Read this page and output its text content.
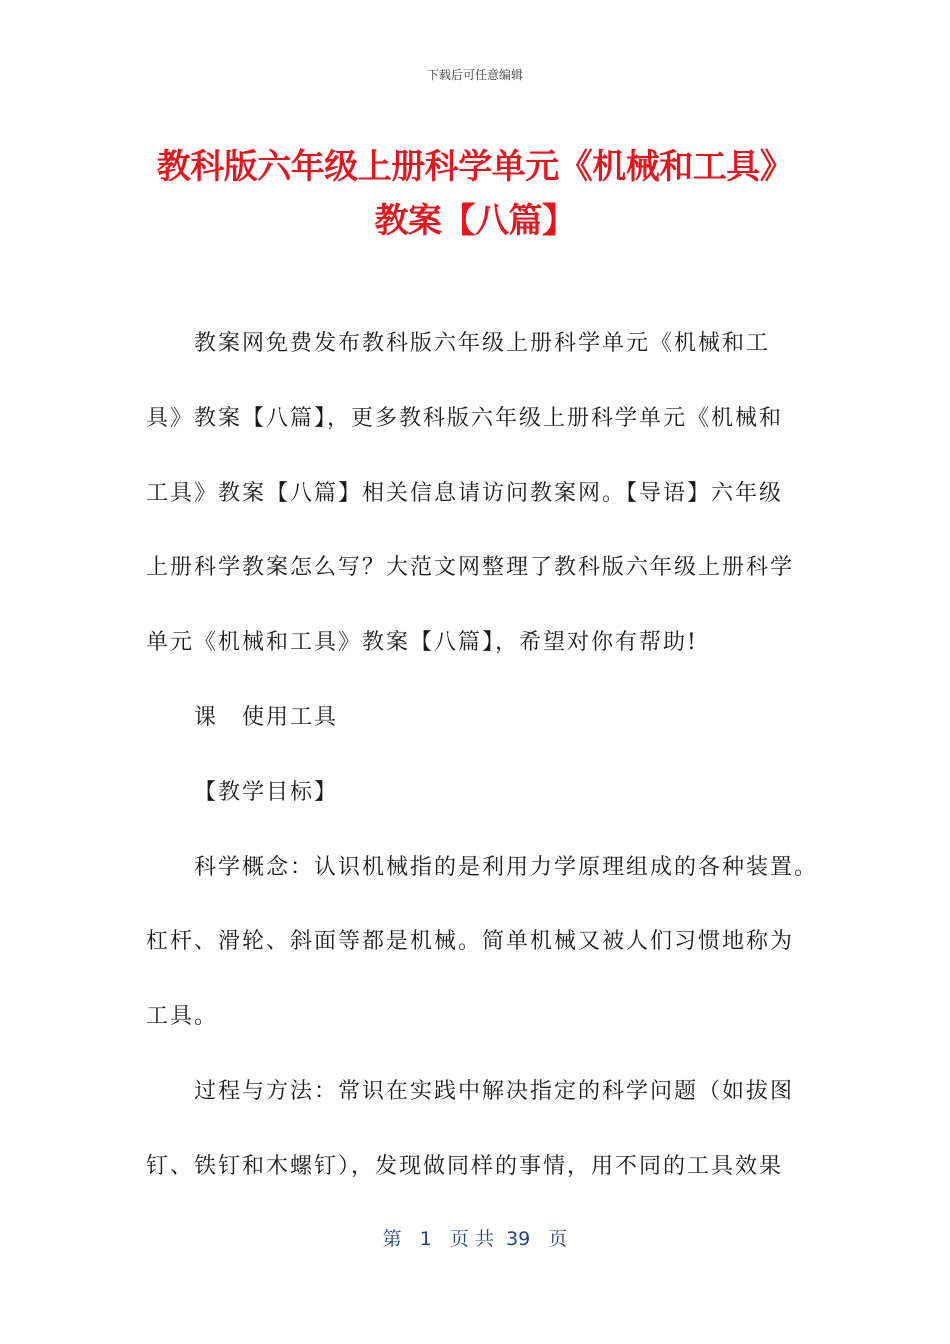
下载后可任意编辑
教科版六年级上册科学单元《机械和工具》
教案【八篇】
教案网免费发布教科版六年级上册科学单元《机械和工
具》教案【八篇】，更多教科版六年级上册科学单元《机械和
工具》教案【八篇】相关信息请访问教案网。【导语】六年级
上册科学教案怎么写？大范文网整理了教科版六年级上册科学
单元《机械和工具》教案【八篇】，希望对你有帮助!
课　使用工具
【教学目标】
科学概念：认识机械指的是利用力学原理组成的各种装置。
杠杆、滑轮、斜面等都是机械。简单机械又被人们习惯地称为
工具。
过程与方法：常识在实践中解决指定的科学问题（如拔图
钉、铁钉和木螺钉），发现做同样的事情，用不同的工具效果
第 1 页 共 39 页
